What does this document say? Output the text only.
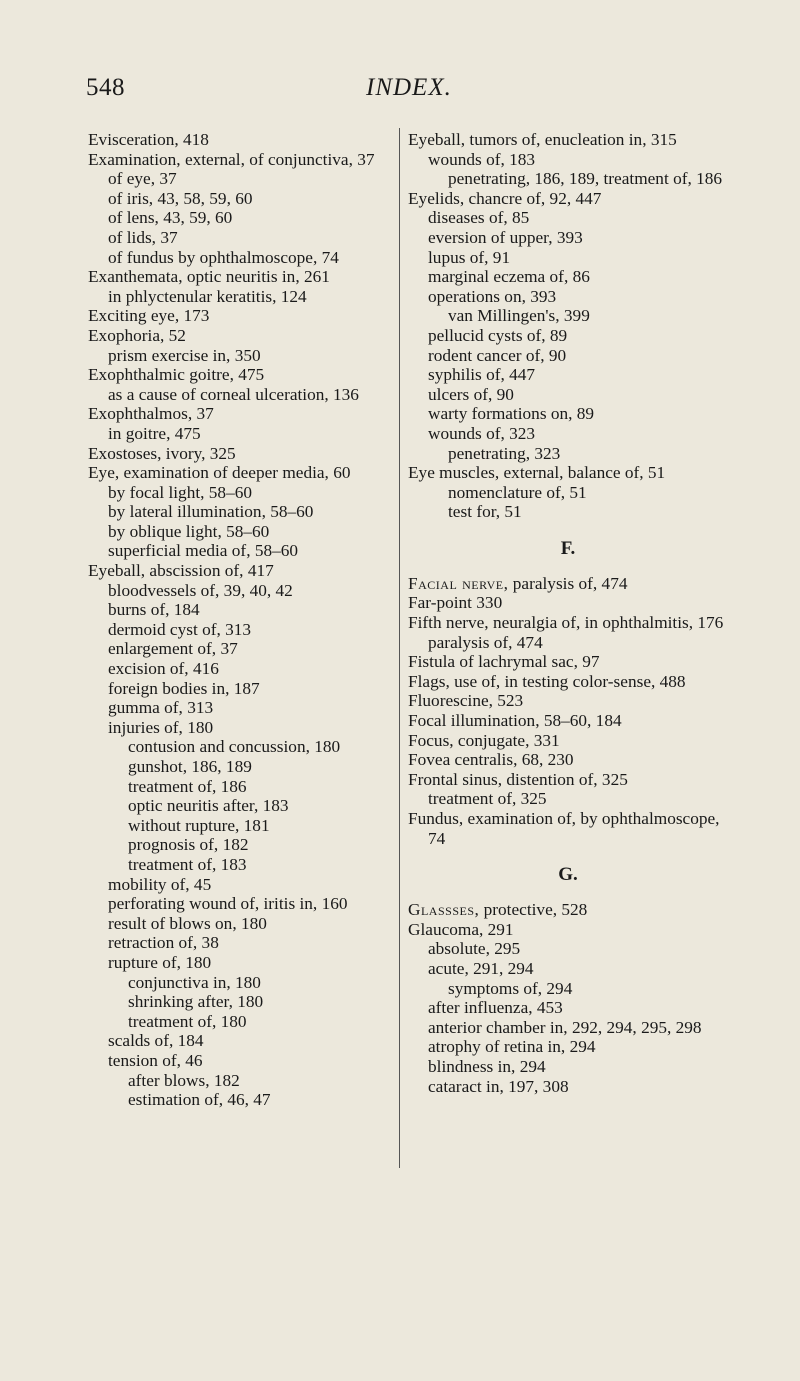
548	INDEX.

Evisceration, 418

Examination, external, of conjunctiva, 37

of eye, 37

of iris, 43, 58, 59, 60

of lens, 43, 59, 60

of lids, 37

of fundus by ophthalmoscope, 74

Exanthemata, optic neuritis in, 261

in phlyctenular keratitis, 124

Exciting eye, 173

Exophoria, 52

prism exercise in, 350

Exophthalmic goitre, 475

as a cause of corneal ulceration, 136

Exophthalmos, 37

in goitre, 475

Exostoses, ivory, 325

Eye, examination of deeper media, 60

by focal light, 58–60

by lateral illumination, 58–60

by oblique light, 58–60

superficial media of, 58–60

Eyeball, abscission of, 417

bloodvessels of, 39, 40, 42

burns of, 184

dermoid cyst of, 313

enlargement of, 37

excision of, 416

foreign bodies in, 187

gumma of, 313

injuries of, 180

contusion and concussion, 180

gunshot, 186, 189

treatment of, 186

optic neuritis after, 183

without rupture, 181

prognosis of, 182

treatment of, 183

mobility of, 45

perforating wound of, iritis in, 160

result of blows on, 180

retraction of, 38

rupture of, 180

conjunctiva in, 180

shrinking after, 180

treatment of, 180

scalds of, 184

tension of, 46

after blows, 182

estimation of, 46, 47

Eyeball, tumors of, enucleation in, 315

wounds of, 183

penetrating, 186, 189, treatment of, 186

Eyelids, chancre of, 92, 447

diseases of, 85

eversion of upper, 393

lupus of, 91

marginal eczema of, 86

operations on, 393

van Millingen's, 399

pellucid cysts of, 89

rodent cancer of, 90

syphilis of, 447

ulcers of, 90

warty formations on, 89

wounds of, 323

penetrating, 323

Eye muscles, external, balance of, 51

nomenclature of, 51

test for, 51

F.

Facial nerve, paralysis of, 474

Far-point 330

Fifth nerve, neuralgia of, in ophthalmitis, 176

paralysis of, 474

Fistula of lachrymal sac, 97

Flags, use of, in testing color-sense, 488

Fluorescine, 523

Focal illumination, 58–60, 184

Focus, conjugate, 331

Fovea centralis, 68, 230

Frontal sinus, distention of, 325

treatment of, 325

Fundus, examination of, by ophthalmoscope, 74

G.

Glassses, protective, 528

Glaucoma, 291

absolute, 295

acute, 291, 294

symptoms of, 294

after influenza, 453

anterior chamber in, 292, 294, 295, 298

atrophy of retina in, 294

blindness in, 294

cataract in, 197, 308
